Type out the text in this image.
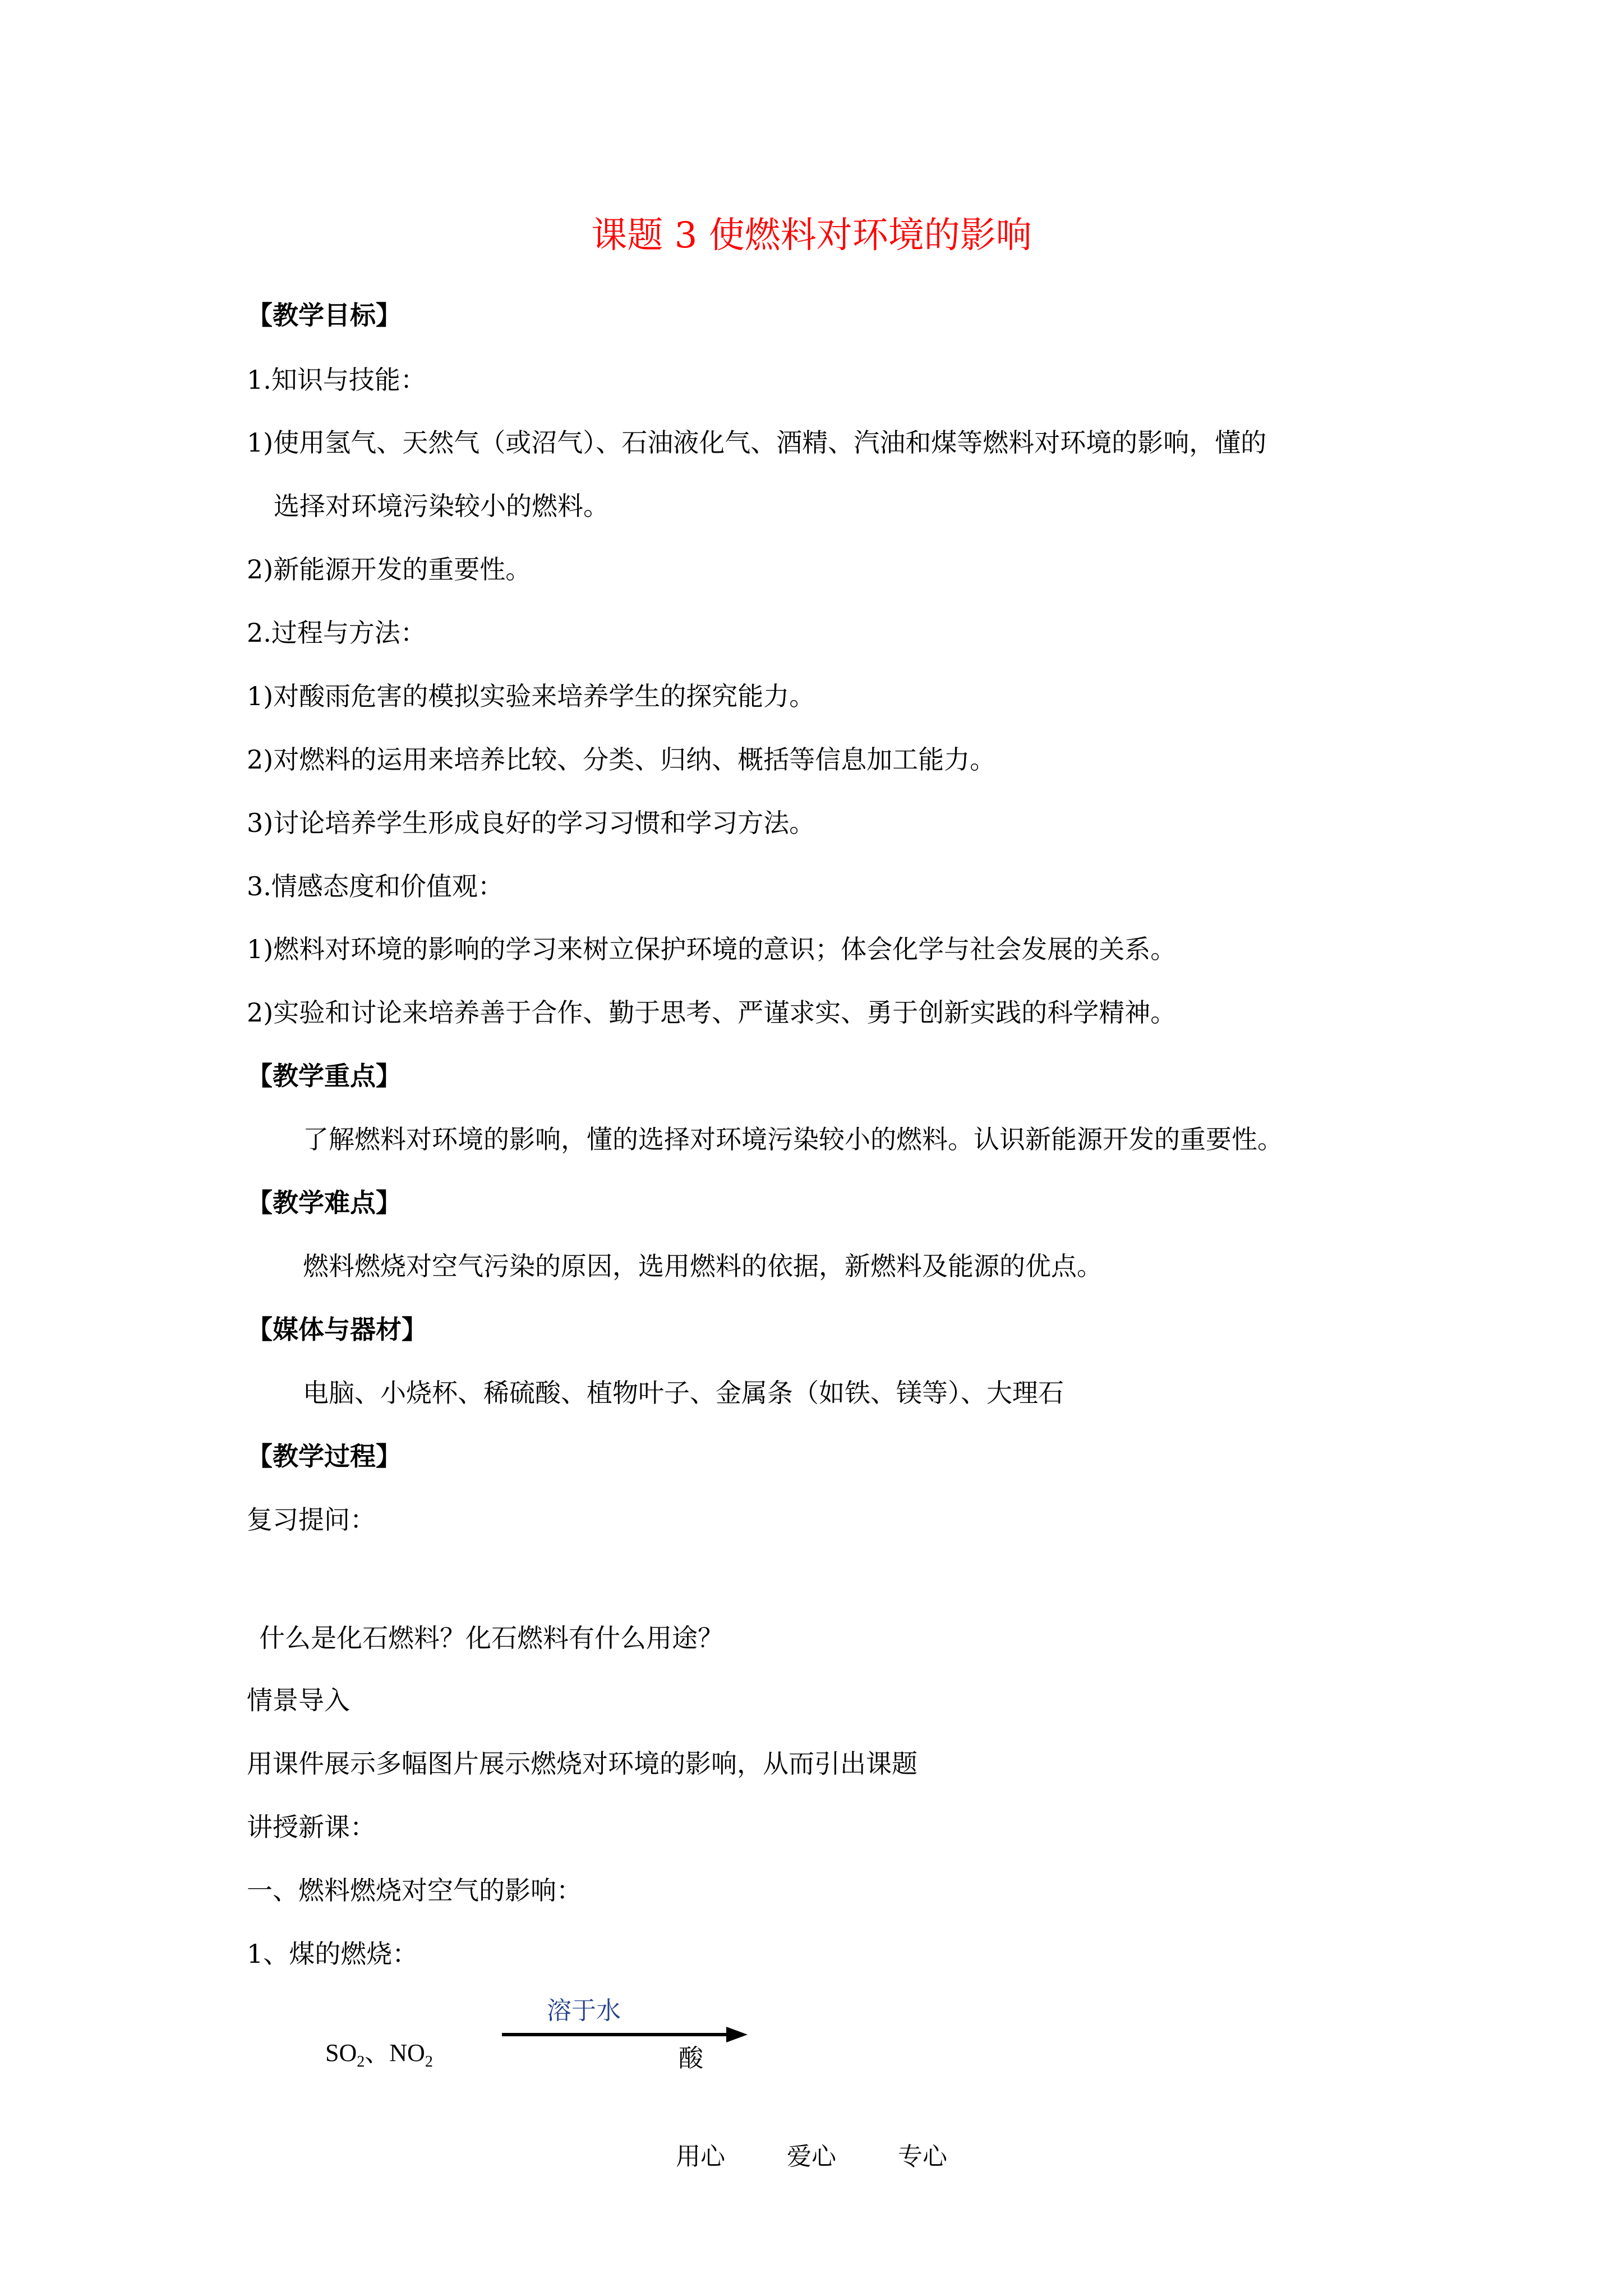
课题 3 使燃料对环境的影响
【教学目标】
1.知识与技能：
1)使用氢气、天然气（或沼气）、石油液化气、酒精、汽油和煤等燃料对环境的影响，懂的
选择对环境污染较小的燃料。
2)新能源开发的重要性。
2.过程与方法：
1)对酸雨危害的模拟实验来培养学生的探究能力。
2)对燃料的运用来培养比较、分类、归纳、概括等信息加工能力。
3)讨论培养学生形成良好的学习习惯和学习方法。
3.情感态度和价值观：
1)燃料对环境的影响的学习来树立保护环境的意识；体会化学与社会发展的关系。
2)实验和讨论来培养善于合作、勤于思考、严谨求实、勇于创新实践的科学精神。
【教学重点】
了解燃料对环境的影响，懂的选择对环境污染较小的燃料。认识新能源开发的重要性。
【教学难点】
燃料燃烧对空气污染的原因，选用燃料的依据，新燃料及能源的优点。
【媒体与器材】
电脑、小烧杯、稀硫酸、植物叶子、金属条（如铁、镁等）、大理石
【教学过程】
复习提问：
什么是化石燃料？化石燃料有什么用途？
情景导入
用课件展示多幅图片展示燃烧对环境的影响，从而引出课题
讲授新课：
一、燃料燃烧对空气的影响：
1、煤的燃烧：
$SO_2$、$NO_2$
溶于水
酸
用心	爱心	专心
